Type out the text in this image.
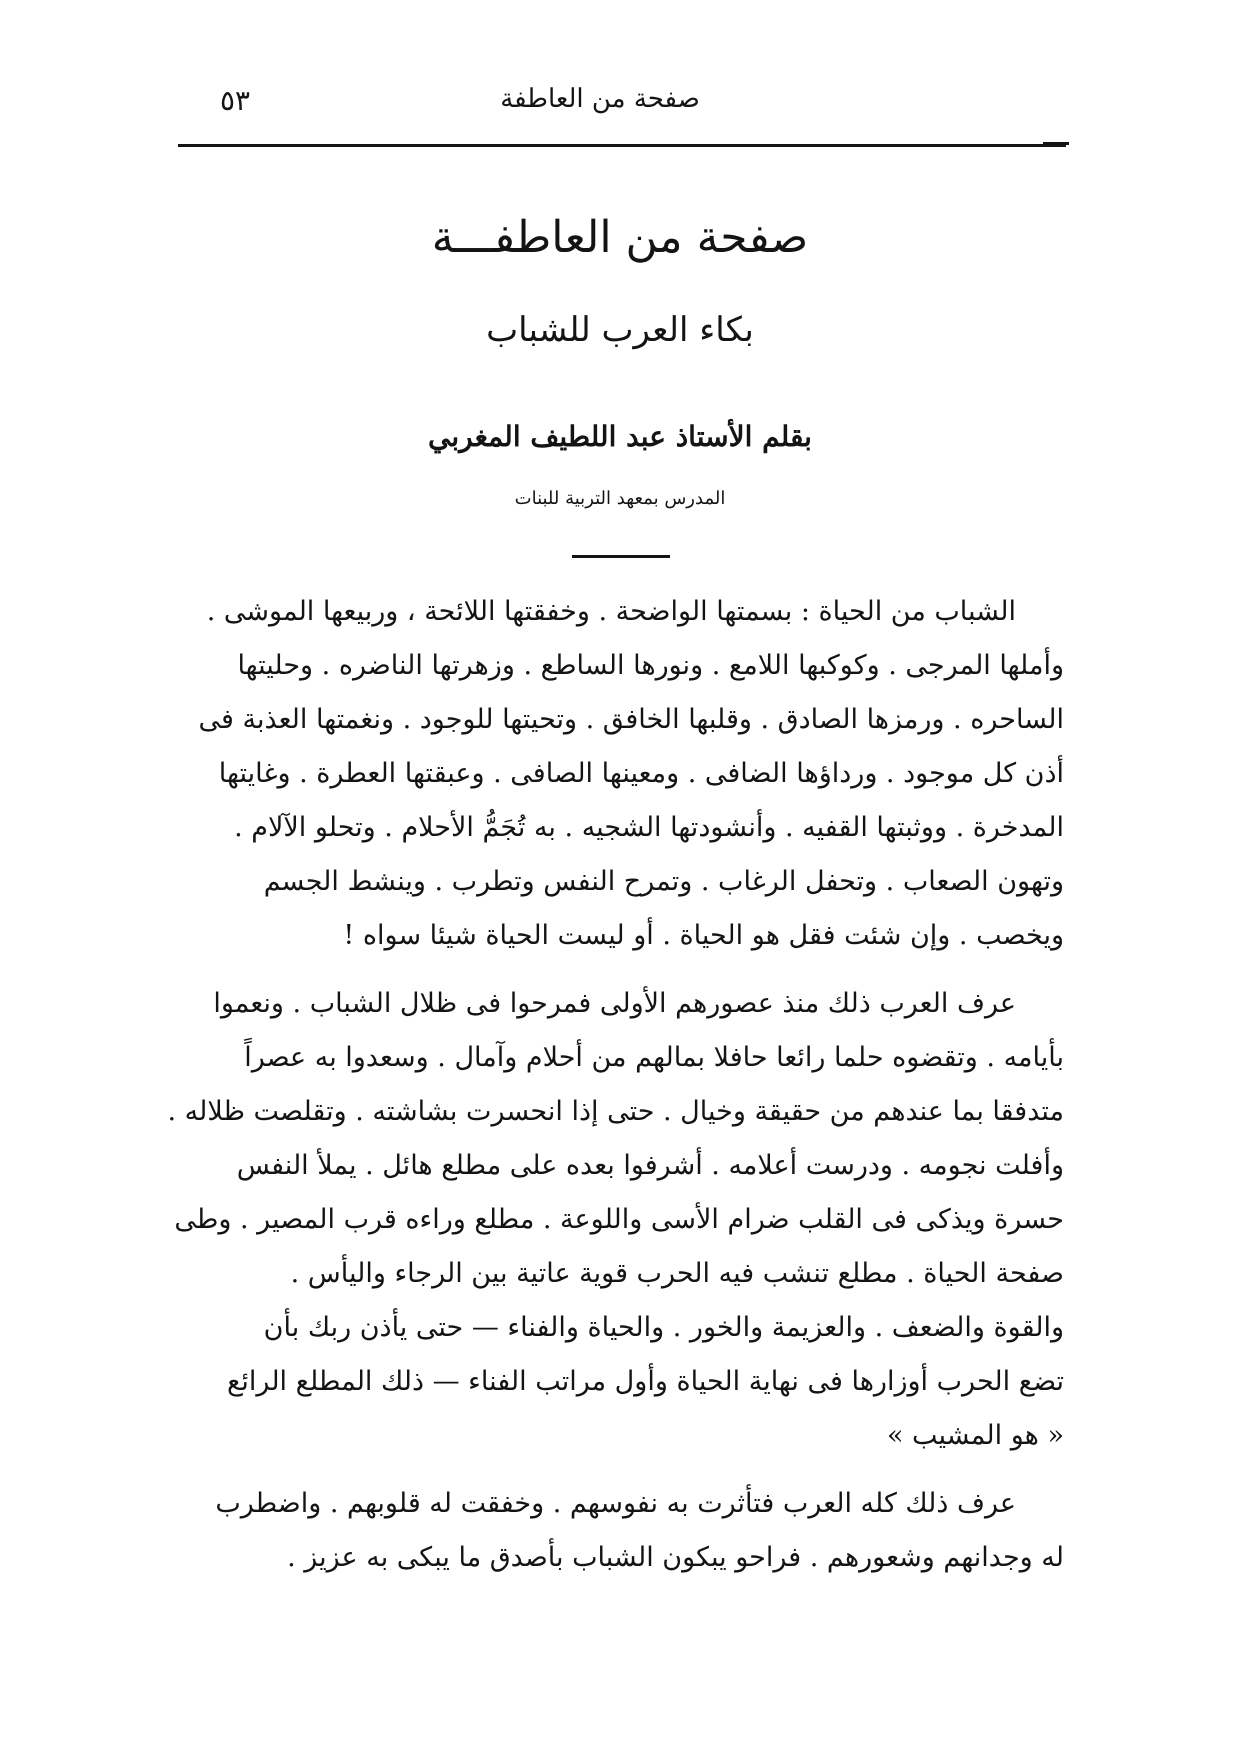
صفحة من العاطفة
٥٣
صفحة من العاطفـــة
بكاء العرب للشباب
بقلم الأستاذ عبد اللطيف المغربي
المدرس بمعهد التربية للبنات

الشباب من الحياة : بسمتها الواضحة . وخفقتها اللائحة ، وربيعها الموشى .
وأملها المرجى . وكوكبها اللامع . ونورها الساطع . وزهرتها الناضره . وحليتها
الساحره . ورمزها الصادق . وقلبها الخافق . وتحيتها للوجود . ونغمتها العذبة فى
أذن كل موجود . ورداؤها الضافى . ومعينها الصافى . وعبقتها العطرة . وغايتها
المدخرة . ووثبتها القفيه . وأنشودتها الشجيه . به تُجَمُّ الأحلام . وتحلو الآلام .
وتهون الصعاب . وتحفل الرغاب . وتمرح النفس وتطرب . وينشط الجسم
ويخصب . وإن شئت فقل هو الحياة . أو ليست الحياة شيئا سواه !

عرف العرب ذلك منذ عصورهم الأولى فمرحوا فى ظلال الشباب . ونعموا
بأيامه . وتقضوه حلما رائعا حافلا بمالهم من أحلام وآمال . وسعدوا به عصراً
متدفقا بما عندهم من حقيقة وخيال . حتى إذا انحسرت بشاشته . وتقلصت ظلاله .
وأفلت نجومه . ودرست أعلامه . أشرفوا بعده على مطلع هائل . يملأ النفس
حسرة ويذكى فى القلب ضرام الأسى واللوعة . مطلع وراءه قرب المصير . وطى
صفحة الحياة . مطلع تنشب فيه الحرب قوية عاتية بين الرجاء واليأس .
والقوة والضعف . والعزيمة والخور . والحياة والفناء — حتى يأذن ربك بأن
تضع الحرب أوزارها فى نهاية الحياة وأول مراتب الفناء — ذلك المطلع الرائع
« هو المشيب »

عرف ذلك كله العرب فتأثرت به نفوسهم . وخفقت له قلوبهم . واضطرب
له وجدانهم وشعورهم . فراحو يبكون الشباب بأصدق ما يبكى به عزيز .
